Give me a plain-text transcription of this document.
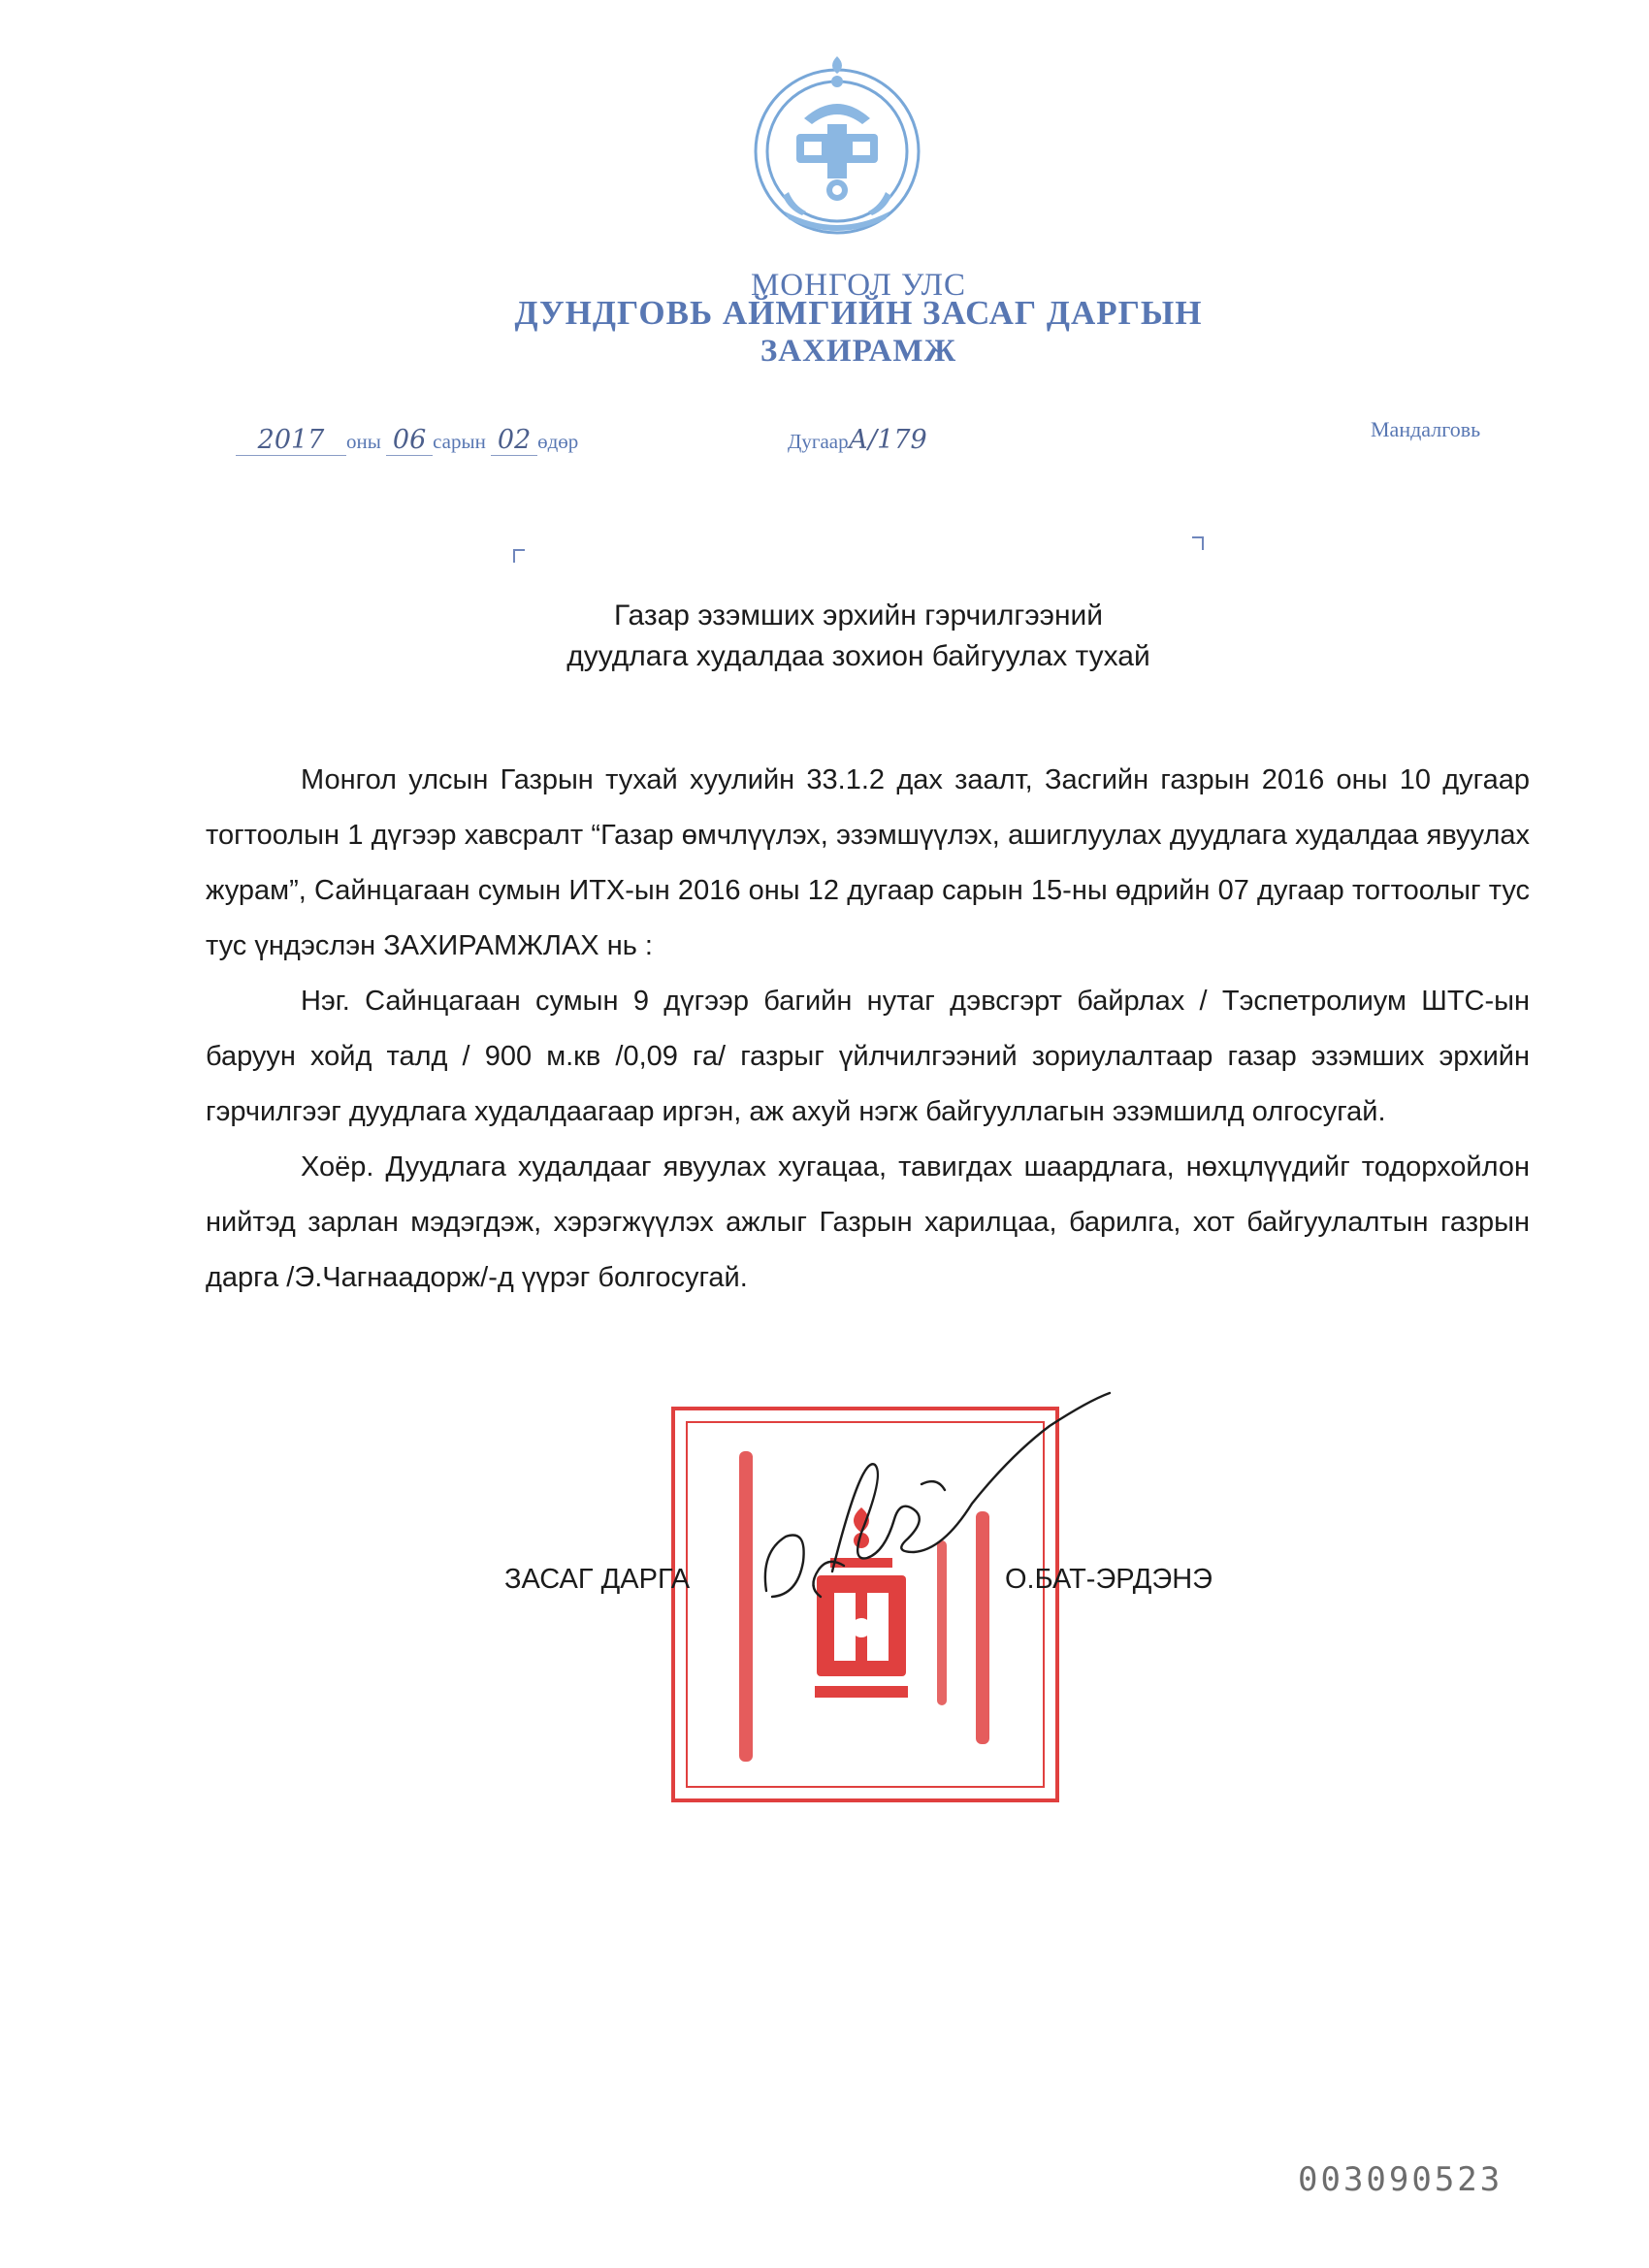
МОНГОЛ УЛС
ДУНДГОВЬ АЙМГИЙН ЗАСАГ ДАРГЫН
ЗАХИРАМЖ
2017 оны 06 сарын 02 өдөр	ДугаарА/179	Мандалговь
Газар эзэмших эрхийн гэрчилгээний
дуудлага худалдаа зохион байгуулах тухай

Монгол улсын Газрын тухай хуулийн 33.1.2 дах заалт, Засгийн газрын 2016 оны 10 дугаар тогтоолын 1 дүгээр хавсралт “Газар өмчлүүлэх, эзэмшүүлэх, ашиглуулах дуудлага худалдаа явуулах журам”, Сайнцагаан сумын ИТХ-ын 2016 оны 12 дугаар сарын 15-ны өдрийн 07 дугаар тогтоолыг тус тус үндэслэн ЗАХИРАМЖЛАХ нь :

Нэг. Сайнцагаан сумын 9 дүгээр багийн нутаг дэвсгэрт байрлах / Тэспетролиум ШТС-ын баруун хойд талд / 900 м.кв /0,09 га/ газрыг үйлчилгээний зориулалтаар газар эзэмших эрхийн гэрчилгээг дуудлага худалдаагаар иргэн, аж ахуй нэгж байгууллагын эзэмшилд олгосугай.

Хоёр. Дуудлага худалдааг явуулах хугацаа, тавигдах шаардлага, нөхцлүүдийг тодорхойлон нийтэд зарлан мэдэгдэж, хэрэгжүүлэх ажлыг Газрын харилцаа, барилга, хот байгуулалтын газрын дарга /Э.Чагнаадорж/-д үүрэг болгосугай.

ЗАСАГ ДАРГА	О.БАТ-ЭРДЭНЭ
003090523
